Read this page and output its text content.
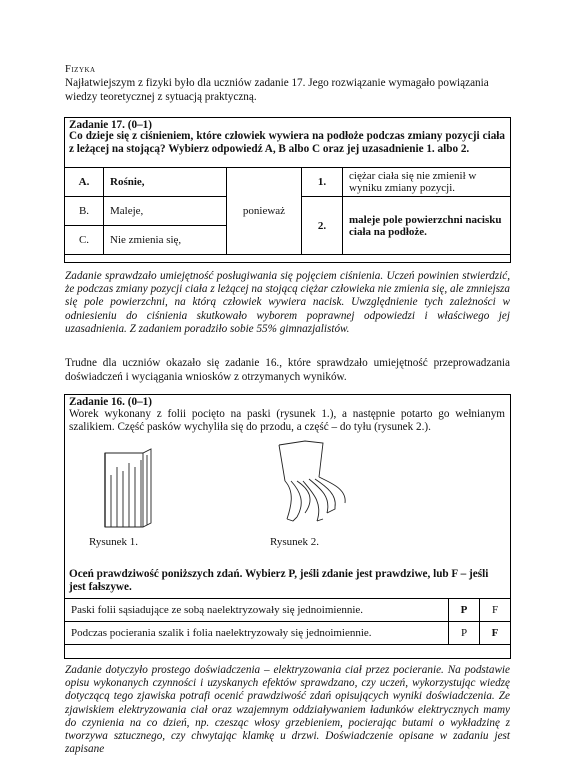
Fizyka
Najłatwiejszym z fizyki było dla uczniów zadanie 17. Jego rozwiązanie wymagało powiązania wiedzy teoretycznej z sytuacją praktyczną.
Zadanie 17. (0–1)
Co dzieje się z ciśnieniem, które człowiek wywiera na podłoże podczas zmiany pozycji ciała z leżącej na stojącą? Wybierz odpowiedź A, B albo C oraz jej uzasadnienie 1. albo 2.
A.	Rośnie,	ponieważ	1.	ciężar ciała się nie zmienił w wyniku zmiany pozycji.
B.	Maleje,		2.	maleje pole powierzchni nacisku ciała na podłoże.
C.	Nie zmienia się,			
Zadanie sprawdzało umiejętność posługiwania się pojęciem ciśnienia. Uczeń powinien stwierdzić, że podczas zmiany pozycji ciała z leżącej na stojącą ciężar człowieka nie zmienia się, ale zmniejsza się pole powierzchni, na którą człowiek wywiera nacisk. Uwzględnienie tych zależności w odniesieniu do ciśnienia skutkowało wyborem poprawnej odpowiedzi i właściwego jej uzasadnienia. Z zadaniem poradziło sobie 55% gimnazjalistów.
Trudne dla uczniów okazało się zadanie 16., które sprawdzało umiejętność przeprowadzania doświadczeń i wyciągania wniosków z otrzymanych wyników.
Zadanie 16. (0–1)
Worek wykonany z folii pocięto na paski (rysunek 1.), a następnie potarto go wełnianym szalikiem. Część pasków wychyliła się do przodu, a część – do tyłu (rysunek 2.).
Rysunek 1.	Rysunek 2.
Oceń prawdziwość poniższych zdań. Wybierz P, jeśli zdanie jest prawdziwe, lub F – jeśli jest fałszywe.
Paski folii sąsiadujące ze sobą naelektryzowały się jednoimiennie.	P	F
Podczas pocierania szalik i folia naelektryzowały się jednoimiennie.	P	F
Zadanie dotyczyło prostego doświadczenia – elektryzowania ciał przez pocieranie. Na podstawie opisu wykonanych czynności i uzyskanych efektów sprawdzano, czy uczeń, wykorzystując wiedzę dotyczącą tego zjawiska potrafi ocenić prawdziwość zdań opisujących wyniki doświadczenia. Ze zjawiskiem elektryzowania ciał oraz wzajemnym oddziaływaniem ładunków elektrycznych mamy do czynienia na co dzień, np. czesząc włosy grzebieniem, pocierając butami o wykładzinę z tworzywa sztucznego, czy chwytając klamkę u drzwi. Doświadczenie opisane w zadaniu jest zapisane
